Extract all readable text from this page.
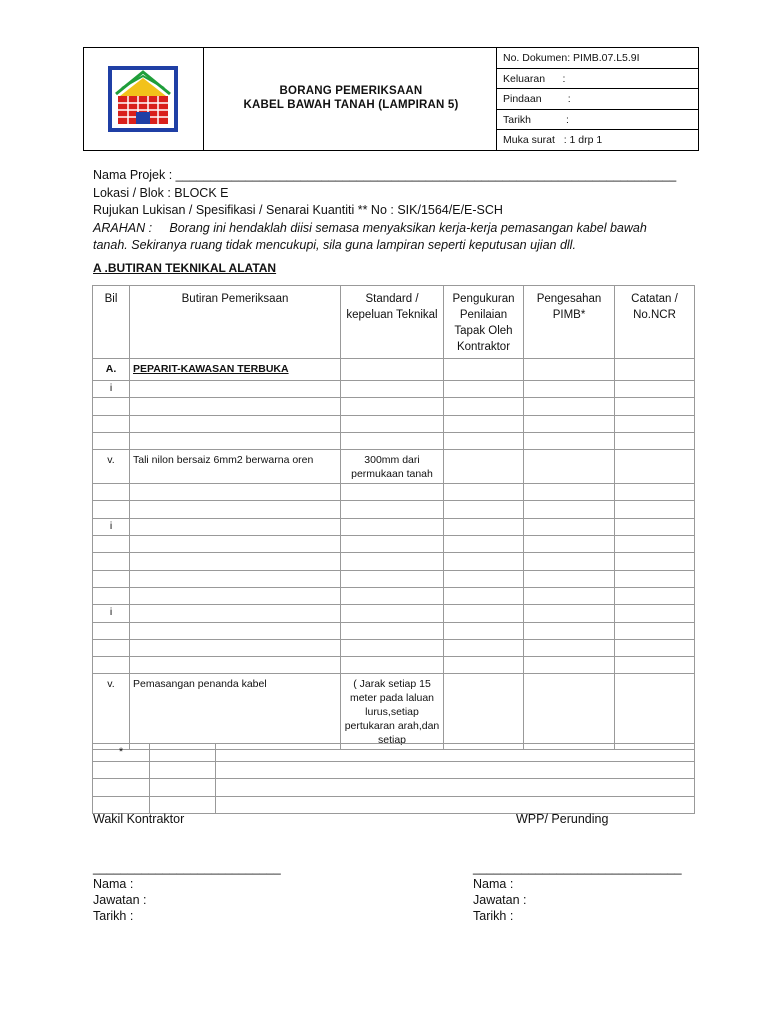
BORANG PEMERIKSAAN
KABEL BAWAH TANAH (LAMPIRAN 5)
No. Dokumen: PIMB.07.L5.9I
Keluaran      :
Pindaan         :
Tarikh            :
Muka surat   : 1 drp 1
Nama Projek : ________________________________________________________________________
Lokasi / Blok : BLOCK E
Rujukan Lukisan / Spesifikasi / Senarai Kuantiti ** No : SIK/1564/E/E-SCH
ARAHAN : Borang ini hendaklah diisi semasa menyaksikan kerja-kerja pemasangan kabel bawah
tanah. Sekiranya ruang tidak mencukupi, sila guna lampiran seperti keputusan ujian dll.
A .BUTIRAN TEKNIKAL ALATAN
Bil	Butiran Pemeriksaan	Standard / kepeluan Teknikal	Pengukuran Penilaian Tapak Oleh Kontraktor	Pengesahan PIMB*	Catatan / No.NCR
A.	PEPARIT-KAWASAN TERBUKA				
i					

v.	Tali nilon bersaiz 6mm2 berwarna oren	300mm dari permukaan tanah			

i					

i					

v.	Pemasangan penanda kabel	( Jarak setiap 15 meter pada laluan lurus,setiap pertukaran arah,dan setiap			
*		

Wakil Kontraktor	WPP/ Perunding
___________________________	______________________________
Nama :
Jawatan :
Tarikh :
Nama :
Jawatan :
Tarikh :
